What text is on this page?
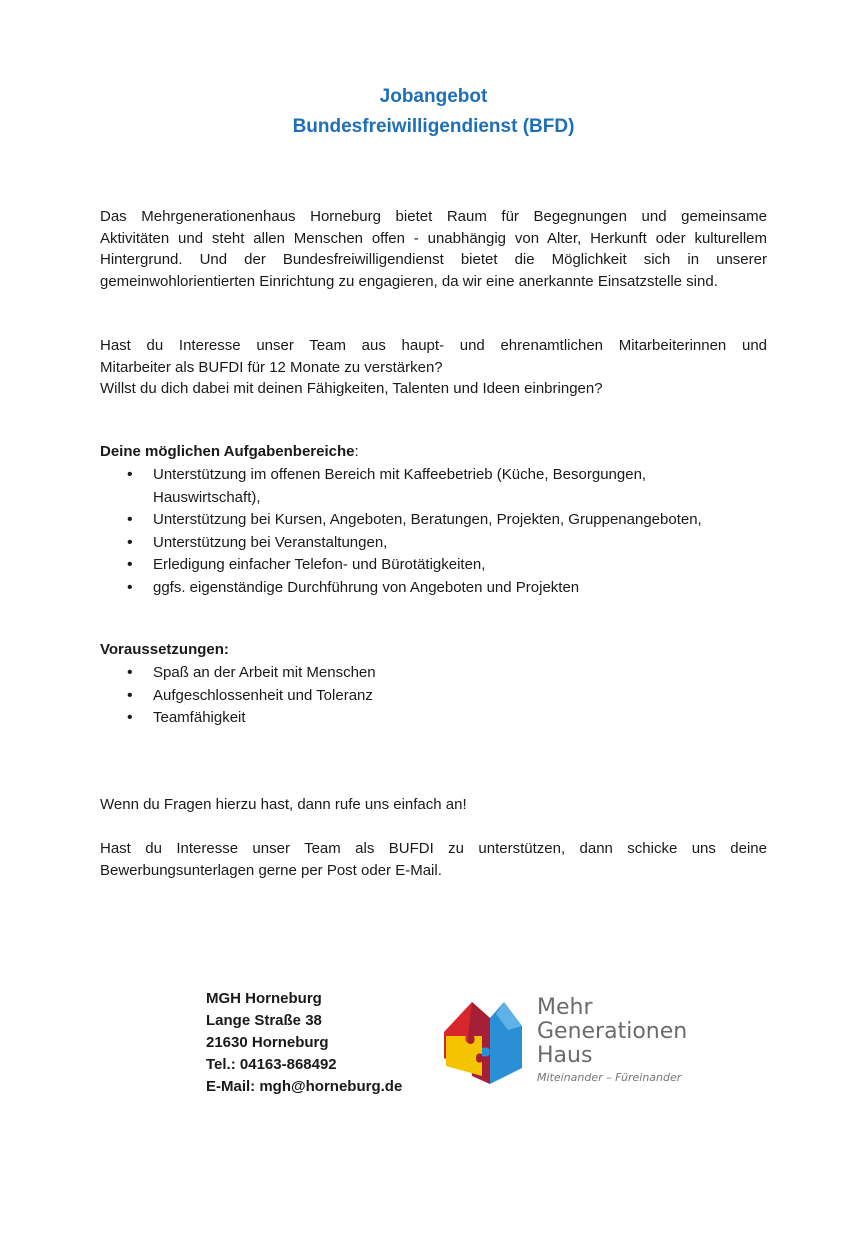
Jobangebot
Bundesfreiwilligendienst (BFD)
Das Mehrgenerationenhaus Horneburg bietet Raum für Begegnungen und gemeinsame
Aktivitäten und steht allen Menschen offen - unabhängig von Alter, Herkunft oder kulturellem
Hintergrund. Und der Bundesfreiwilligendienst bietet die Möglichkeit sich in unserer
gemeinwohlorientierten Einrichtung zu engagieren, da wir eine anerkannte Einsatzstelle sind.
Hast du Interesse unser Team aus haupt- und ehrenamtlichen Mitarbeiterinnen und
Mitarbeiter als BUFDI für 12 Monate zu verstärken?
Willst du dich dabei mit deinen Fähigkeiten, Talenten und Ideen einbringen?
Deine möglichen Aufgabenbereiche:
• Unterstützung im offenen Bereich mit Kaffeebetrieb (Küche, Besorgungen,
Hauswirtschaft),
• Unterstützung bei Kursen, Angeboten, Beratungen, Projekten, Gruppenangeboten,
• Unterstützung bei Veranstaltungen,
• Erledigung einfacher Telefon- und Bürotätigkeiten,
• ggfs. eigenständige Durchführung von Angeboten und Projekten
Voraussetzungen:
• Spaß an der Arbeit mit Menschen
• Aufgeschlossenheit und Toleranz
• Teamfähigkeit
Wenn du Fragen hierzu hast, dann rufe uns einfach an!
Hast du Interesse unser Team als BUFDI zu unterstützen, dann schicke uns deine
Bewerbungsunterlagen gerne per Post oder E-Mail.
MGH Horneburg
Lange Straße 38
21630 Horneburg
Tel.: 04163-868492
E-Mail: mgh@horneburg.de
Mehr
Generationen
Haus
Miteinander – Füreinander
